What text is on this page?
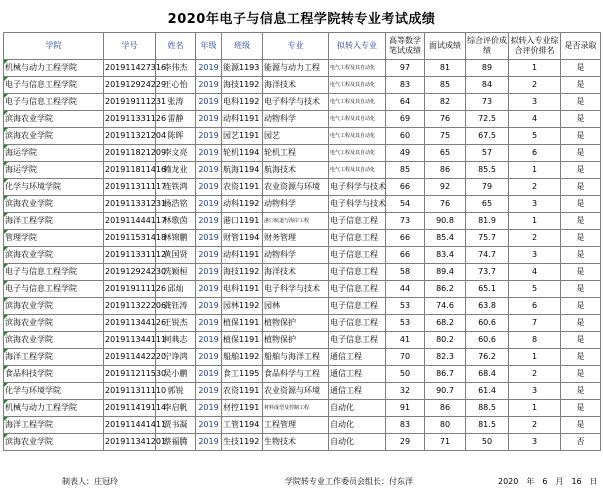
2020年电子与信息工程学院转专业考试成绩
学院	学号	姓名	年级	班级	专业	拟转入专业	高等数学笔试成绩	面试成绩	综合评价成绩	拟转入专业综合评价排名	是否录取
机械与动力工程学院	201911427316	李伟杰	2019	能源1193	能源与动力工程	电气工程及其自动化	97	81	89	1	是
电子与信息工程学院	201912924229	王心怡	2019	海技1192	海洋技术	电气工程及其自动化	83	85	84	2	是
电子与信息工程学院	201919111231	张涛	2019	电科1192	电子科学与技术	电气工程及其自动化	64	82	73	3	是
滨海农业学院	201911331126	雷静	2019	动科1191	动物科学	电气工程及其自动化	69	76	72.5	4	是
滨海农业学院	201911321204	陈晖	2019	园艺1191	园艺	电气工程及其自动化	60	75	67.5	5	是
海运学院	201911821209	李文亮	2019	轮机1194	轮机工程	电气工程及其自动化	49	65	57	6	是
海运学院	201911811416	赖龙业	2019	航海1194	航海技术	电气工程及其自动化	85	86	85.5	1	是
化学与环境学院	201911311117	连铁鸿	2019	农资1191	农业资源与环境	电子科学与技术	66	92	79	2	是
滨海农业学院	201911331231	杨浩铭	2019	动科1192	动物科学	电子科学与技术	54	76	65	3	是
海洋工程学院	201911444117	林歌茵	2019	港口1191	港口航道与海岸工程	电子信息工程	73	90.8	81.9	1	是
管理学院	201911531418	林锦鹏	2019	财管1194	财务管理	电子信息工程	66	85.4	75.7	2	是
滨海农业学院	201911331112	黄国贤	2019	动科1191	动物科学	电子信息工程	66	83.4	74.7	3	是
电子与信息工程学院	201912924230	冼颖桓	2019	海技1192	海洋技术	电子信息工程	58	89.4	73.7	4	是
电子与信息工程学院	201919111126	邱灿	2019	电科1191	电子科学与技术	电子信息工程	44	86.2	65.1	5	是
滨海农业学院	201911322206	龚钰涛	2019	园林1192	园林	电子信息工程	53	74.6	63.8	6	是
滨海农业学院	201911344126	王锐杰	2019	植保1191	植物保护	电子信息工程	53	68.2	60.6	7	是
滨海农业学院	201911344111	柯典志	2019	植保1191	植物保护	电子信息工程	41	80.2	60.6	8	是
海洋工程学院	201911442220	宁诤鸿	2019	船舶1192	船舶与海洋工程	通信工程	70	82.3	76.2	1	是
食品科技学院	201911211530	吴小鹏	2019	食工1195	食品科学与工程	通信工程	50	86.7	68.4	2	是
化学与环境学院	201911311110	郭锐	2019	农资1191	农业资源与环境	通信工程	32	90.7	61.4	3	是
机械与动力工程学院	201911419114	李启帆	2019	材控1191	材料成型及控制工程	自动化	91	86	88.5	1	是
海洋工程学院	201911441411	贾书凝	2019	工管1194	工程管理	自动化	83	80	81.5	2	是
滨海农业学院	201911341201	蔡福腾	2019	生技1192	生物技术	自动化	29	71	50	3	否
制表人：庄冠玲	学院转专业工作委员会组长：付东洋	2020　年　6　月　16　日
